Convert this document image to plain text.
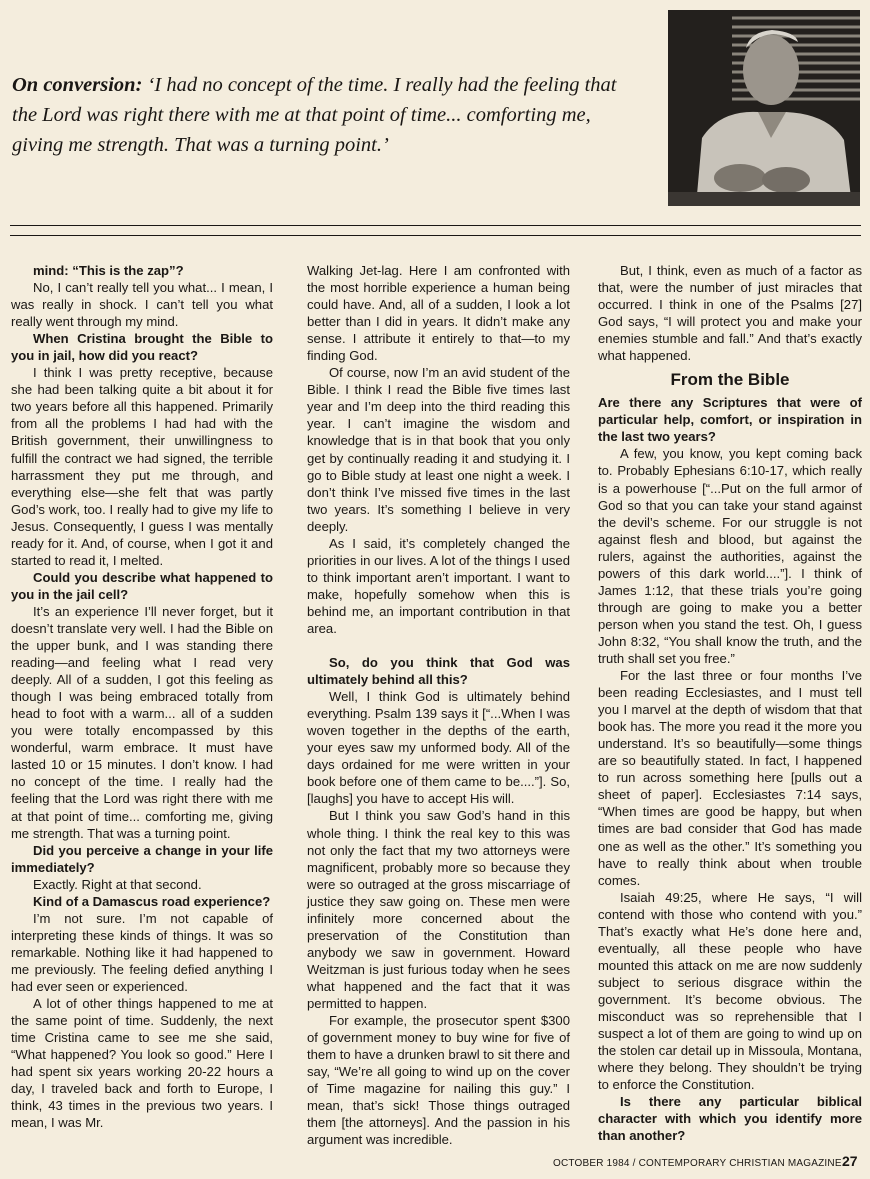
On conversion: ‘I had no concept of the time. I really had the feeling that the Lord was right there with me at that point of time... comforting me, giving me strength. That was a turning point.’

mind: “This is the zap”?

No, I can’t really tell you what... I mean, I was really in shock. I can’t tell you what really went through my mind.

When Cristina brought the Bible to you in jail, how did you react?

I think I was pretty receptive, because she had been talking quite a bit about it for two years before all this happened. Primarily from all the problems I had had with the British government, their unwillingness to fulfill the contract we had signed, the terrible harrassment they put me through, and everything else—she felt that was partly God’s work, too. I really had to give my life to Jesus. Consequently, I guess I was mentally ready for it. And, of course, when I got it and started to read it, I melted.

Could you describe what happened to you in the jail cell?

It’s an experience I’ll never forget, but it doesn’t translate very well. I had the Bible on the upper bunk, and I was standing there reading—and feeling what I read very deeply. All of a sudden, I got this feeling as though I was being embraced totally from head to foot with a warm... all of a sudden you were totally encompassed by this wonderful, warm embrace. It must have lasted 10 or 15 minutes. I don’t know. I had no concept of the time. I really had the feeling that the Lord was right there with me at that point of time... comforting me, giving me strength. That was a turning point.

Did you perceive a change in your life immediately?

Exactly. Right at that second.

Kind of a Damascus road experience?

I’m not sure. I’m not capable of interpreting these kinds of things. It was so remarkable. Nothing like it had happened to me previously. The feeling defied anything I had ever seen or experienced.

A lot of other things happened to me at the same point of time. Suddenly, the next time Cristina came to see me she said, “What happened? You look so good.” Here I had spent six years working 20-22 hours a day, I traveled back and forth to Europe, I think, 43 times in the previous two years. I mean, I was Mr.

Walking Jet-lag. Here I am confronted with the most horrible experience a human being could have. And, all of a sudden, I look a lot better than I did in years. It didn’t make any sense. I attribute it entirely to that—to my finding God.

Of course, now I’m an avid student of the Bible. I think I read the Bible five times last year and I’m deep into the third reading this year. I can’t imagine the wisdom and knowledge that is in that book that you only get by continually reading it and studying it. I go to Bible study at least one night a week. I don’t think I’ve missed five times in the last two years. It’s something I believe in very deeply.

As I said, it’s completely changed the priorities in our lives. A lot of the things I used to think important aren’t important. I want to make, hopefully somehow when this is behind me, an important contribution in that area.

So, do you think that God was ultimately behind all this?

Well, I think God is ultimately behind everything. Psalm 139 says it [“...When I was woven together in the depths of the earth, your eyes saw my unformed body. All of the days ordained for me were written in your book before one of them came to be....”]. So, [laughs] you have to accept His will.

But I think you saw God’s hand in this whole thing. I think the real key to this was not only the fact that my two attorneys were magnificent, probably more so because they were so outraged at the gross miscarriage of justice they saw going on. These men were infinitely more concerned about the preservation of the Constitution than anybody we saw in government. Howard Weitzman is just furious today when he sees what happened and the fact that it was permitted to happen.

For example, the prosecutor spent $300 of government money to buy wine for five of them to have a drunken brawl to sit there and say, “We’re all going to wind up on the cover of Time magazine for nailing this guy.” I mean, that’s sick! Those things outraged them [the attorneys]. And the passion in his argument was incredible.

But, I think, even as much of a factor as that, were the number of just miracles that occurred. I think in one of the Psalms [27] God says, “I will protect you and make your enemies stumble and fall.” And that’s exactly what happened.

From the Bible

Are there any Scriptures that were of particular help, comfort, or inspiration in the last two years?

A few, you know, you kept coming back to. Probably Ephesians 6:10-17, which really is a powerhouse [“...Put on the full armor of God so that you can take your stand against the devil’s scheme. For our struggle is not against flesh and blood, but against the rulers, against the authorities, against the powers of this dark world....”]. I think of James 1:12, that these trials you’re going through are going to make you a better person when you stand the test. Oh, I guess John 8:32, “You shall know the truth, and the truth shall set you free.”

For the last three or four months I’ve been reading Ecclesiastes, and I must tell you I marvel at the depth of wisdom that that book has. The more you read it the more you understand. It’s so beautifully—some things are so beautifully stated. In fact, I happened to run across something here [pulls out a sheet of paper]. Ecclesiastes 7:14 says, “When times are good be happy, but when times are bad consider that God has made one as well as the other.” It’s something you have to really think about when trouble comes.

Isaiah 49:25, where He says, “I will contend with those who contend with you.” That’s exactly what He’s done here and, eventually, all these people who have mounted this attack on me are now suddenly subject to serious disgrace within the government. It’s become obvious. The misconduct was so reprehensible that I suspect a lot of them are going to wind up on the stolen car detail up in Missoula, Montana, where they belong. They shouldn’t be trying to enforce the Constitution.

Is there any particular biblical character with which you identify more than another?

OCTOBER 1984 / CONTEMPORARY CHRISTIAN MAGAZINE 27
